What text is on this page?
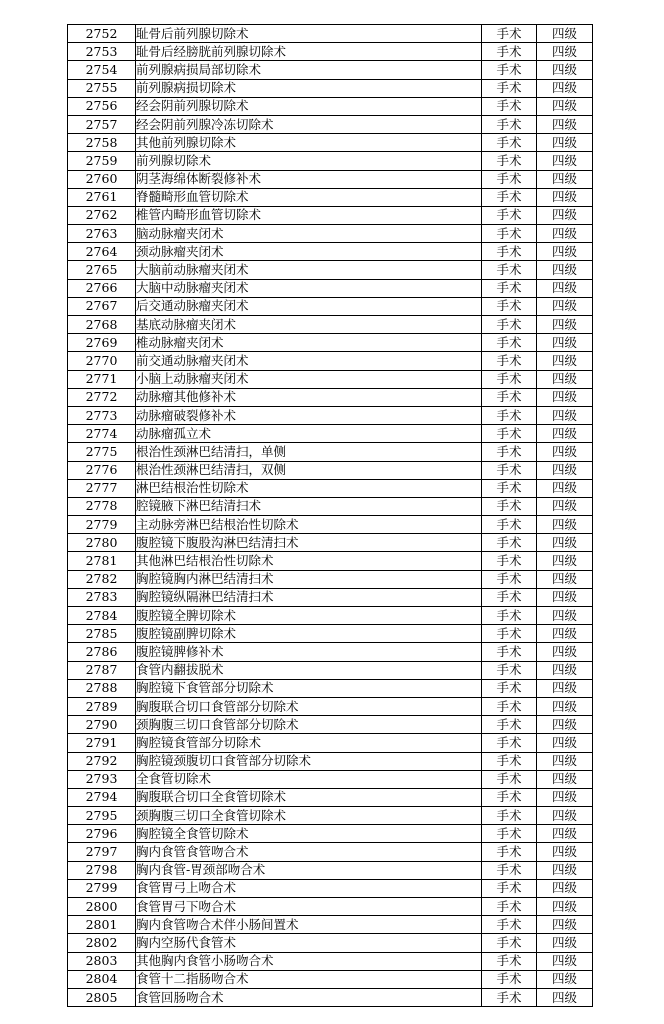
2752	耻骨后前列腺切除术	手术	四级
2753	耻骨后经膀胱前列腺切除术	手术	四级
2754	前列腺病损局部切除术	手术	四级
2755	前列腺病损切除术	手术	四级
2756	经会阴前列腺切除术	手术	四级
2757	经会阴前列腺冷冻切除术	手术	四级
2758	其他前列腺切除术	手术	四级
2759	前列腺切除术	手术	四级
2760	阴茎海绵体断裂修补术	手术	四级
2761	脊髓畸形血管切除术	手术	四级
2762	椎管内畸形血管切除术	手术	四级
2763	脑动脉瘤夹闭术	手术	四级
2764	颈动脉瘤夹闭术	手术	四级
2765	大脑前动脉瘤夹闭术	手术	四级
2766	大脑中动脉瘤夹闭术	手术	四级
2767	后交通动脉瘤夹闭术	手术	四级
2768	基底动脉瘤夹闭术	手术	四级
2769	椎动脉瘤夹闭术	手术	四级
2770	前交通动脉瘤夹闭术	手术	四级
2771	小脑上动脉瘤夹闭术	手术	四级
2772	动脉瘤其他修补术	手术	四级
2773	动脉瘤破裂修补术	手术	四级
2774	动脉瘤孤立术	手术	四级
2775	根治性颈淋巴结清扫，单侧	手术	四级
2776	根治性颈淋巴结清扫，双侧	手术	四级
2777	淋巴结根治性切除术	手术	四级
2778	腔镜腋下淋巴结清扫术	手术	四级
2779	主动脉旁淋巴结根治性切除术	手术	四级
2780	腹腔镜下腹股沟淋巴结清扫术	手术	四级
2781	其他淋巴结根治性切除术	手术	四级
2782	胸腔镜胸内淋巴结清扫术	手术	四级
2783	胸腔镜纵隔淋巴结清扫术	手术	四级
2784	腹腔镜全脾切除术	手术	四级
2785	腹腔镜副脾切除术	手术	四级
2786	腹腔镜脾修补术	手术	四级
2787	食管内翻拔脱术	手术	四级
2788	胸腔镜下食管部分切除术	手术	四级
2789	胸腹联合切口食管部分切除术	手术	四级
2790	颈胸腹三切口食管部分切除术	手术	四级
2791	胸腔镜食管部分切除术	手术	四级
2792	胸腔镜颈腹切口食管部分切除术	手术	四级
2793	全食管切除术	手术	四级
2794	胸腹联合切口全食管切除术	手术	四级
2795	颈胸腹三切口全食管切除术	手术	四级
2796	胸腔镜全食管切除术	手术	四级
2797	胸内食管食管吻合术	手术	四级
2798	胸内食管-胃颈部吻合术	手术	四级
2799	食管胃弓上吻合术	手术	四级
2800	食管胃弓下吻合术	手术	四级
2801	胸内食管吻合术伴小肠间置术	手术	四级
2802	胸内空肠代食管术	手术	四级
2803	其他胸内食管小肠吻合术	手术	四级
2804	食管十二指肠吻合术	手术	四级
2805	食管回肠吻合术	手术	四级
